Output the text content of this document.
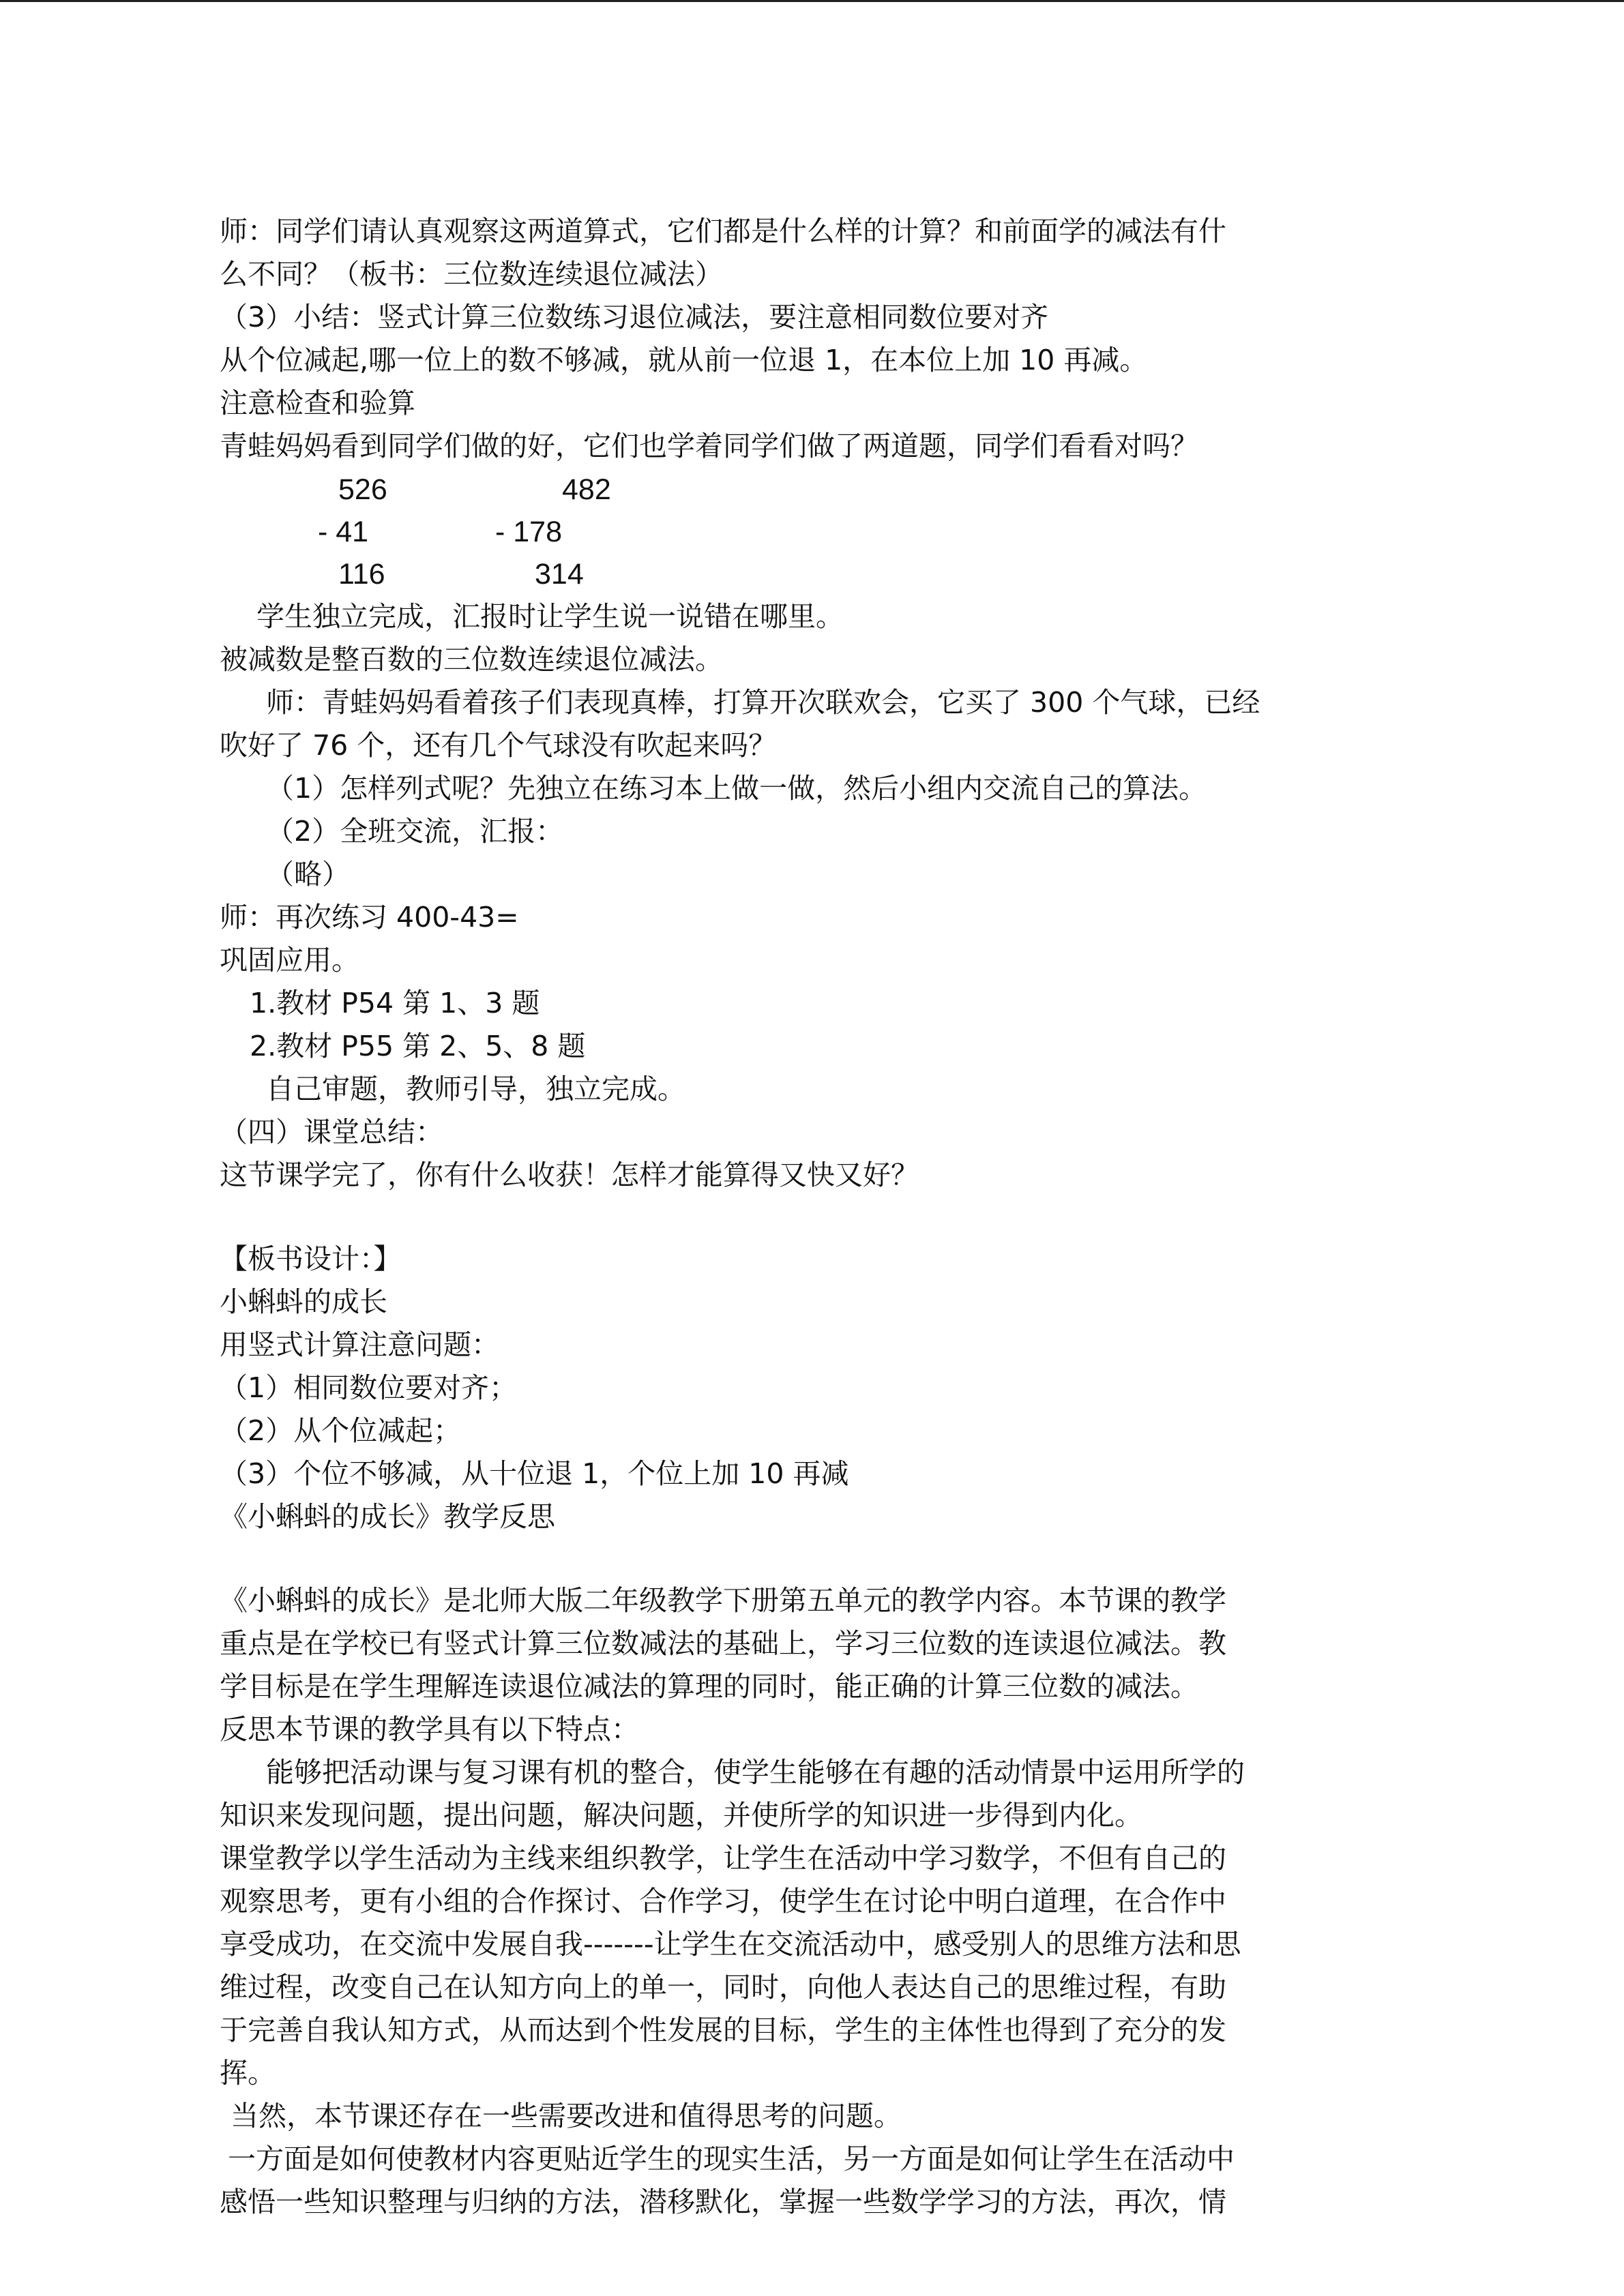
师：同学们请认真观察这两道算式，它们都是什么样的计算？和前面学的减法有什
么不同？（板书：三位数连续退位减法）
（3）小结：竖式计算三位数练习退位减法，要注意相同数位要对齐
从个位减起,哪一位上的数不够减，就从前一位退 1，在本位上加 10 再减。
注意检查和验算
青蛙妈妈看到同学们做的好，它们也学着同学们做了两道题，同学们看看对吗？
526
- 41
116
482
- 178
314
学生独立完成，汇报时让学生说一说错在哪里。
被减数是整百数的三位数连续退位减法。
师：青蛙妈妈看着孩子们表现真棒，打算开次联欢会，它买了 300 个气球，已经
吹好了 76 个，还有几个气球没有吹起来吗？
（1）怎样列式呢？先独立在练习本上做一做，然后小组内交流自己的算法。
（2）全班交流，汇报：
（略）
师：再次练习 400-43=
巩固应用。
1.教材 P54 第 1、3 题
2.教材 P55 第 2、5、8 题
自己审题，教师引导，独立完成。
（四）课堂总结：
这节课学完了，你有什么收获！怎样才能算得又快又好？
【板书设计：】
小蝌蚪的成长
用竖式计算注意问题：
（1）相同数位要对齐；
（2）从个位减起；
（3）个位不够减，从十位退 1，个位上加 10 再减
《小蝌蚪的成长》教学反思
《小蝌蚪的成长》是北师大版二年级教学下册第五单元的教学内容。本节课的教学
重点是在学校已有竖式计算三位数减法的基础上，学习三位数的连读退位减法。教
学目标是在学生理解连读退位减法的算理的同时，能正确的计算三位数的减法。
反思本节课的教学具有以下特点：
能够把活动课与复习课有机的整合，使学生能够在有趣的活动情景中运用所学的
知识来发现问题，提出问题，解决问题，并使所学的知识进一步得到内化。
课堂教学以学生活动为主线来组织教学，让学生在活动中学习数学，不但有自己的
观察思考，更有小组的合作探讨、合作学习，使学生在讨论中明白道理，在合作中
享受成功，在交流中发展自我-------让学生在交流活动中，感受别人的思维方法和思
维过程，改变自己在认知方向上的单一，同时，向他人表达自己的思维过程，有助
于完善自我认知方式，从而达到个性发展的目标，学生的主体性也得到了充分的发
挥。
当然，本节课还存在一些需要改进和值得思考的问题。
一方面是如何使教材内容更贴近学生的现实生活，另一方面是如何让学生在活动中
感悟一些知识整理与归纳的方法，潜移默化，掌握一些数学学习的方法，再次，情
